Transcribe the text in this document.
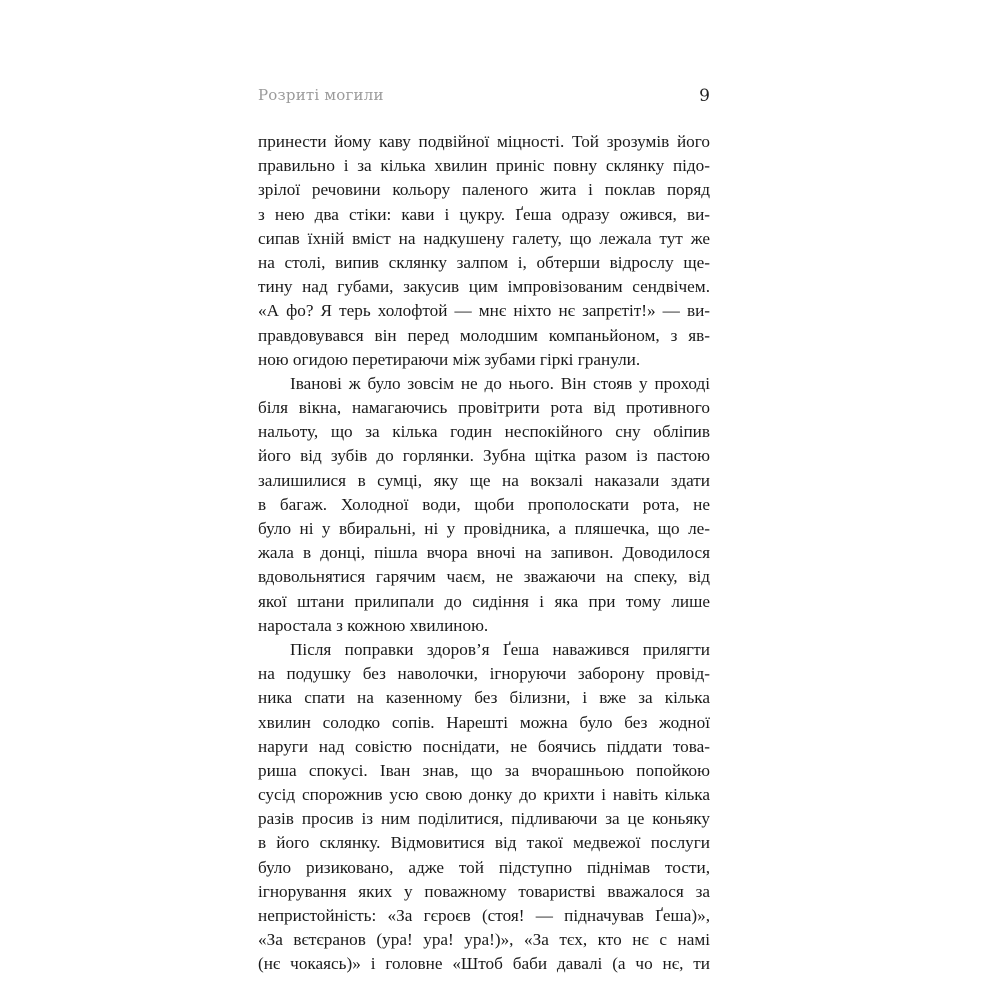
Розриті могили	9
принести йому каву подвійної міцності. Той зрозумів його
правильно і за кілька хвилин приніс повну склянку підо-
зрілої речовини кольору паленого жита і поклав поряд
з нею два стіки: кави і цукру. Ґеша одразу ожився, ви-
сипав їхній вміст на надкушену галету, що лежала тут же
на столі, випив склянку залпом і, обтерши відрослу ще-
тину над губами, закусив цим імпровізованим сендвічем.
«А фо? Я терь холофтой — мнє ніхто нє запрєтіт!» — ви-
правдовувався він перед молодшим компаньйоном, з яв-
ною огидою перетираючи між зубами гіркі гранули.
Іванові ж було зовсім не до нього. Він стояв у проході
біля вікна, намагаючись провітрити рота від противного
нальоту, що за кілька годин неспокійного сну обліпив
його від зубів до горлянки. Зубна щітка разом із пастою
залишилися в сумці, яку ще на вокзалі наказали здати
в багаж. Холодної води, щоби прополоскати рота, не
було ні у вбиральні, ні у провідника, а пляшечка, що ле-
жала в донці, пішла вчора вночі на запивон. Доводилося
вдовольнятися гарячим чаєм, не зважаючи на спеку, від
якої штани прилипали до сидіння і яка при тому лише
наростала з кожною хвилиною.
Після поправки здоров’я Ґеша наважився прилягти
на подушку без наволочки, ігноруючи заборону провід-
ника спати на казенному без білизни, і вже за кілька
хвилин солодко сопів. Нарешті можна було без жодної
наруги над совістю поснідати, не боячись піддати това-
риша спокусі. Іван знав, що за вчорашньою попойкою
сусід спорожнив усю свою донку до крихти і навіть кілька
разів просив із ним поділитися, підливаючи за це коньяку
в його склянку. Відмовитися від такої медвежої послуги
було ризиковано, адже той підступно піднімав тости,
ігнорування яких у поважному товаристві вважалося за
непристойність: «За гєроєв (стоя! — підначував Ґеша)»,
«За вєтєранов (ура! ура! ура!)», «За тєх, кто нє с намі
(нє чокаясь)» і головне «Штоб баби давалі (а чо нє, ти
